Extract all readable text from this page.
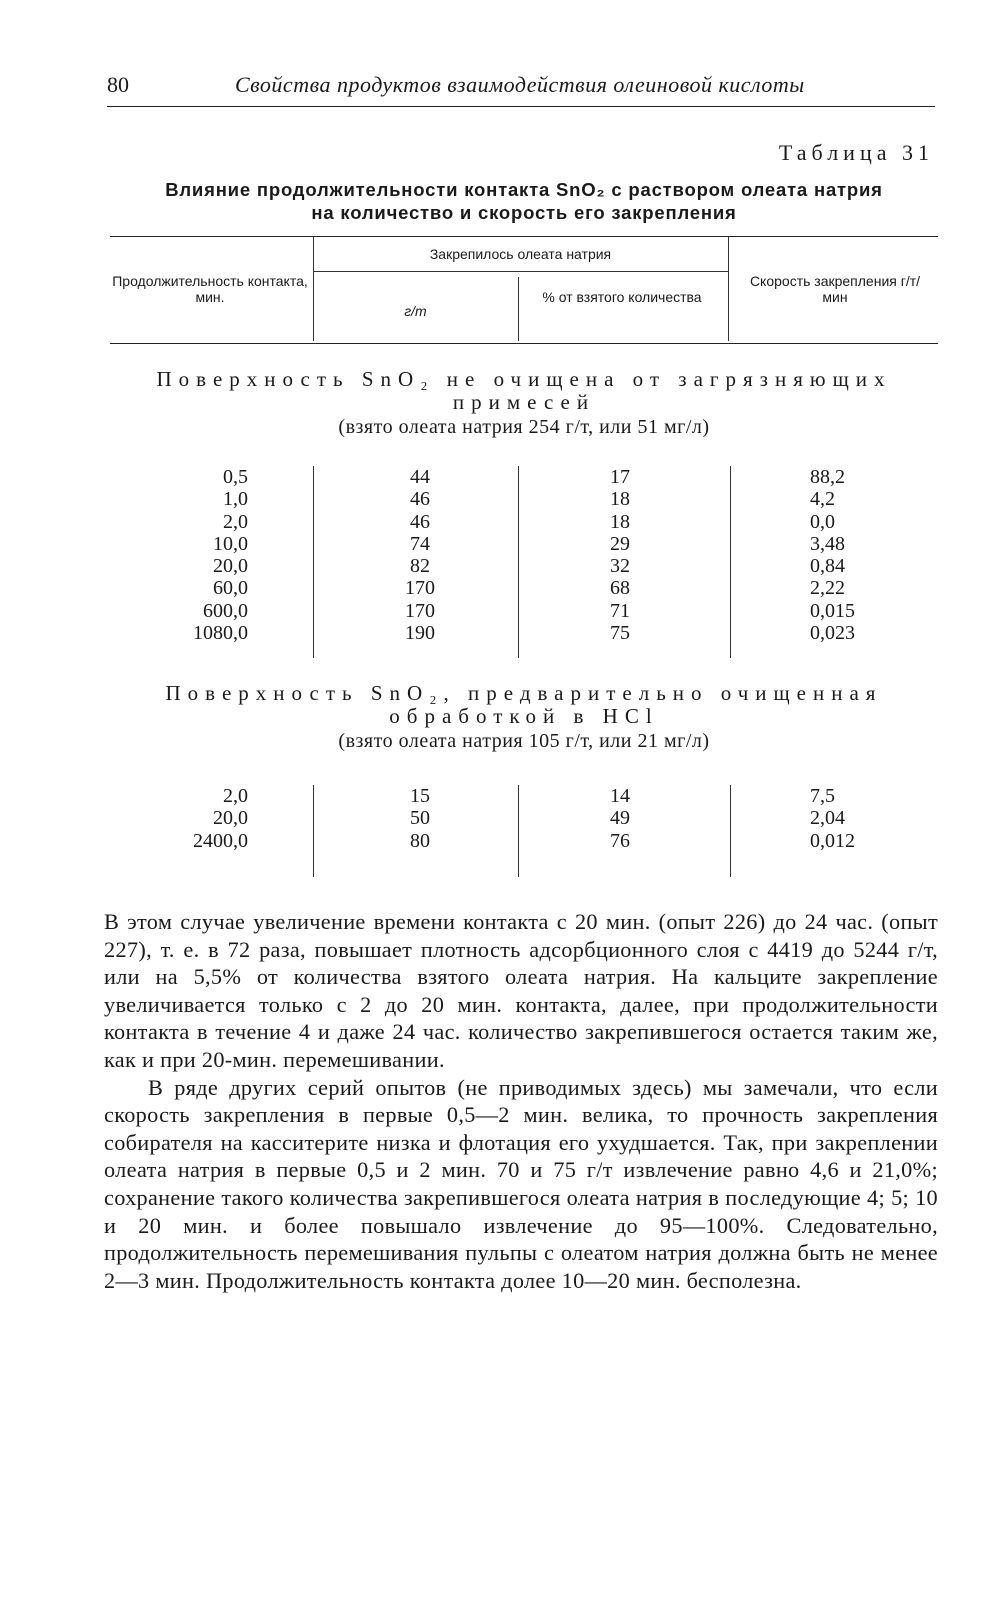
80	Свойства продуктов взаимодействия олеиновой кислоты
Таблица 31
Влияние продолжительности контакта SnO₂ с раствором олеата натрия
на количество и скорость его закрепления
Продолжительность контакта, мин.
Закрепилось олеата натрия
г/т
% от взятого количества
Скорость закрепления г/т/мин
Поверхность SnO₂ не очищена от загрязняющих
примесей
(взято олеата натрия 254 г/т, или 51 мг/л)
0,5
1,0
2,0
10,0
20,0
60,0
600,0
1080,0
44
46
46
74
82
170
170
190
17
18
18
29
32
68
71
75
88,2
4,2
0,0
3,48
0,84
2,22
0,015
0,023
Поверхность SnO₂, предварительно очищенная
обработкой в HCl
(взято олеата натрия 105 г/т, или 21 мг/л)
2,0
20,0
2400,0
15
50
80
14
49
76
7,5
2,04
0,012

В этом случае увеличение времени контакта с 20 мин. (опыт 226) до 24 час. (опыт 227), т. е. в 72 раза, повышает плотность адсорбционного слоя с 4419 до 5244 г/т, или на 5,5% от количества взятого олеата натрия. На кальците закрепление увеличивается только с 2 до 20 мин. контакта, далее, при продолжительности контакта в течение 4 и даже 24 час. количество закрепившегося остается таким же, как и при 20-мин. перемешивании.

В ряде других серий опытов (не приводимых здесь) мы замечали, что если скорость закрепления в первые 0,5—2 мин. велика, то прочность закрепления собирателя на касситерите низка и флотация его ухудшается. Так, при закреплении олеата натрия в первые 0,5 и 2 мин. 70 и 75 г/т извлечение равно 4,6 и 21,0%; сохранение такого количества закрепившегося олеата натрия в последующие 4; 5; 10 и 20 мин. и более повышало извлечение до 95—100%. Следовательно, продолжительность перемешивания пульпы с олеатом натрия должна быть не менее 2—3 мин. Продолжительность контакта долее 10—20 мин. бесполезна.
